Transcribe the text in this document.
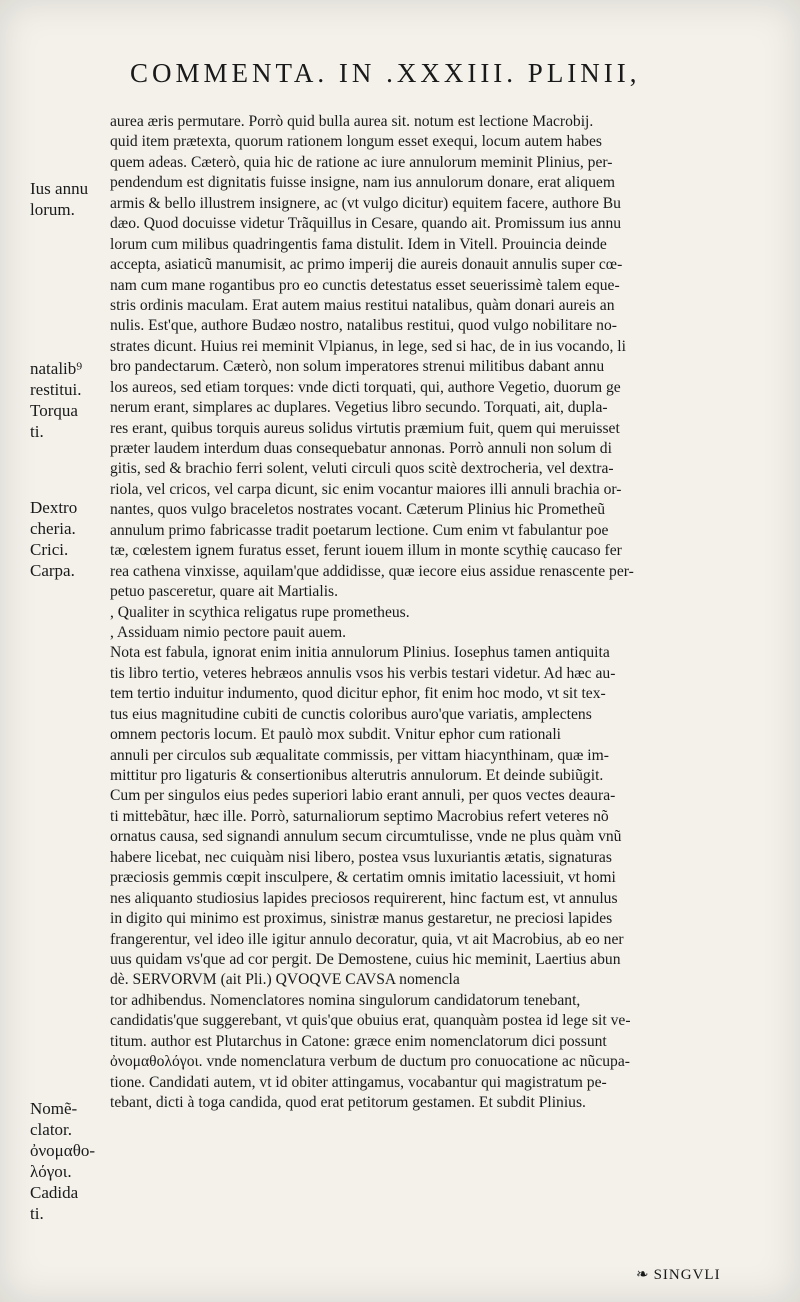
COMMENTA. IN .XXXIII. PLINII,
aurea æris permutare. Porrò quid bulla aurea sit. notum est lectione Macrobij.
quid item prætexta, quorum rationem longum esset exequi, locum autem habes
quem adeas. Cæterò, quia hic de ratione ac iure annulorum meminit Plinius, per-
pendendum est dignitatis fuisse insigne, nam ius annulorum donare, erat aliquem
armis & bello illustrem insignere, ac (vt vulgo dicitur) equitem facere, authore Bu
dæo. Quod docuisse videtur Trãquillus in Cesare, quando ait. Promissum ius annu
lorum cum milibus quadringentis fama distulit. Idem in Vitell. Prouincia deinde
accepta, asiaticũ manumisit, ac primo imperij die aureis donauit annulis super cœ-
nam cum mane rogantibus pro eo cunctis detestatus esset seuerissimè talem eque-
stris ordinis maculam. Erat autem maius restitui natalibus, quàm donari aureis an
nulis. Est'que, authore Budæo nostro, natalibus restitui, quod vulgo nobilitare no-
strates dicunt. Huius rei meminit Vlpianus, in lege, sed si hac, de in ius vocando, li
bro pandectarum. Cæterò, non solum imperatores strenui militibus dabant annu
los aureos, sed etiam torques: vnde dicti torquati, qui, authore Vegetio, duorum ge
nerum erant, simplares ac duplares. Vegetius libro secundo. Torquati, ait, dupla-
res erant, quibus torquis aureus solidus virtutis præmium fuit, quem qui meruisset
præter laudem interdum duas consequebatur annonas. Porrò annuli non solum di
gitis, sed & brachio ferri solent, veluti circuli quos scitè dextrocheria, vel dextra-
riola, vel cricos, vel carpa dicunt, sic enim vocantur maiores illi annuli brachia or-
nantes, quos vulgo braceletos nostrates vocant. Cæterum Plinius hic Prometheũ
annulum primo fabricasse tradit poetarum lectione. Cum enim vt fabulantur poe
tæ, cœlestem ignem furatus esset, ferunt iouem illum in monte scythię caucaso fer
rea cathena vinxisse, aquilam'que addidisse, quæ iecore eius assidue renascente per-
petuo pasceretur, quare ait Martialis.
, Qualiter in scythica religatus rupe prometheus.
, Assiduam nimio pectore pauit auem.
Nota est fabula, ignorat enim initia annulorum Plinius. Iosephus tamen antiquita
tis libro tertio, veteres hebræos annulis vsos his verbis testari videtur. Ad hæc au-
tem tertio induitur indumento, quod dicitur ephor, fit enim hoc modo, vt sit tex-
tus eius magnitudine cubiti de cunctis coloribus auro'que variatis, amplectens
omnem pectoris locum. Et paulò mox subdit. Vnitur ephor cum rationali
annuli per circulos sub æqualitate commissis, per vittam hiacynthinam, quæ im-
mittitur pro ligaturis & consertionibus alterutris annulorum. Et deinde subiũgit.
Cum per singulos eius pedes superiori labio erant annuli, per quos vectes deaura-
ti mittebãtur, hæc ille. Porrò, saturnaliorum septimo Macrobius refert veteres nõ
ornatus causa, sed signandi annulum secum circumtulisse, vnde ne plus quàm vnũ
habere licebat, nec cuiquàm nisi libero, postea vsus luxuriantis ætatis, signaturas
præciosis gemmis cœpit insculpere, & certatim omnis imitatio lacessiuit, vt homi
nes aliquanto studiosius lapides preciosos requirerent, hinc factum est, vt annulus
in digito qui minimo est proximus, sinistræ manus gestaretur, ne preciosi lapides
frangerentur, vel ideo ille igitur annulo decoratur, quia, vt ait Macrobius, ab eo ner
uus quidam vs'que ad cor pergit. De Demostene, cuius hic meminit, Laertius abun
dè. SERVORVM (ait Pli.) QVOQVE CAVSA nomencla
tor adhibendus. Nomenclatores nomina singulorum candidatorum tenebant,
candidatis'que suggerebant, vt quis'que obuius erat, quanquàm postea id lege sit ve-
titum. author est Plutarchus in Catone: græce enim nomenclatorum dici possunt
ὀνομαθολόγοι. vnde nomenclatura verbum de ductum pro conuocatione ac nũcupa-
tione. Candidati autem, vt id obiter attingamus, vocabantur qui magistratum pe-
tebant, dicti à toga candida, quod erat petitorum gestamen. Et subdit Plinius.
Ius annu
lorum.
natalib⁹
restitui.
Torqua
ti.
Dextro
cheria.
Crici.
Carpa.
Nomẽ-
clator.
ὀνομαθο-
λόγοι.
Cadida
ti.
❧ SINGVLI
